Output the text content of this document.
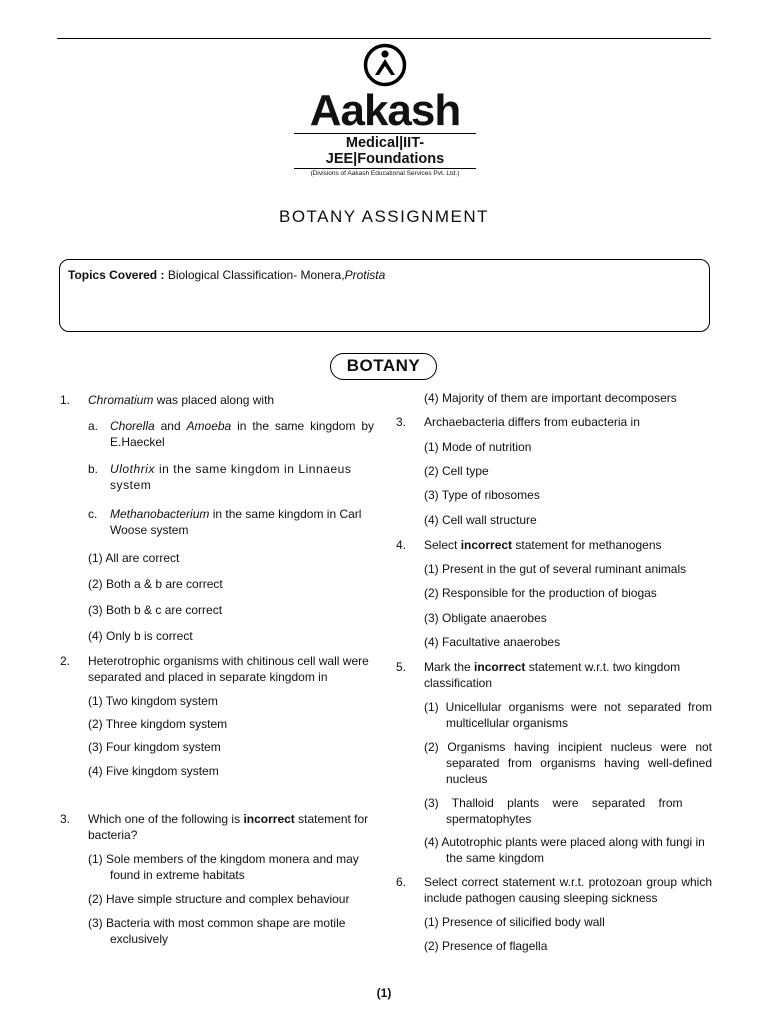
Aakash
Medical|IIT-JEE|Foundations
(Divisions of Aakash Educational Services Pvt. Ltd.)
BOTANY ASSIGNMENT
Topics Covered : Biological Classification- Monera,Protista
BOTANY
1. Chromatium was placed along with
a. Chorella and Amoeba in the same kingdom by E.Haeckel
b. Ulothrix in the same kingdom in Linnaeus system
c. Methanobacterium in the same kingdom in Carl Woose system
(1) All are correct
(2) Both a & b are correct
(3) Both b & c are correct
(4) Only b is correct
2. Heterotrophic organisms with chitinous cell wall were separated and placed in separate kingdom in
(1) Two kingdom system
(2) Three kingdom system
(3) Four kingdom system
(4) Five kingdom system
3. Which one of the following is incorrect statement for bacteria?
(1) Sole members of the kingdom monera and may found in extreme habitats
(2) Have simple structure and complex behaviour
(3) Bacteria with most common shape are motile exclusively
(4) Majority of them are important decomposers
3. Archaebacteria differs from eubacteria in
(1) Mode of nutrition
(2) Cell type
(3) Type of ribosomes
(4) Cell wall structure
4. Select incorrect statement for methanogens
(1) Present in the gut of several ruminant animals
(2) Responsible for the production of biogas
(3) Obligate anaerobes
(4) Facultative anaerobes
5. Mark the incorrect statement w.r.t. two kingdom classification
(1) Unicellular organisms were not separated from multicellular organisms
(2) Organisms having incipient nucleus were not separated from organisms having well-defined nucleus
(3) Thalloid plants were separated from spermatophytes
(4) Autotrophic plants were placed along with fungi in the same kingdom
6. Select correct statement w.r.t. protozoan group which include pathogen causing sleeping sickness
(1) Presence of silicified body wall
(2) Presence of flagella
(1)
